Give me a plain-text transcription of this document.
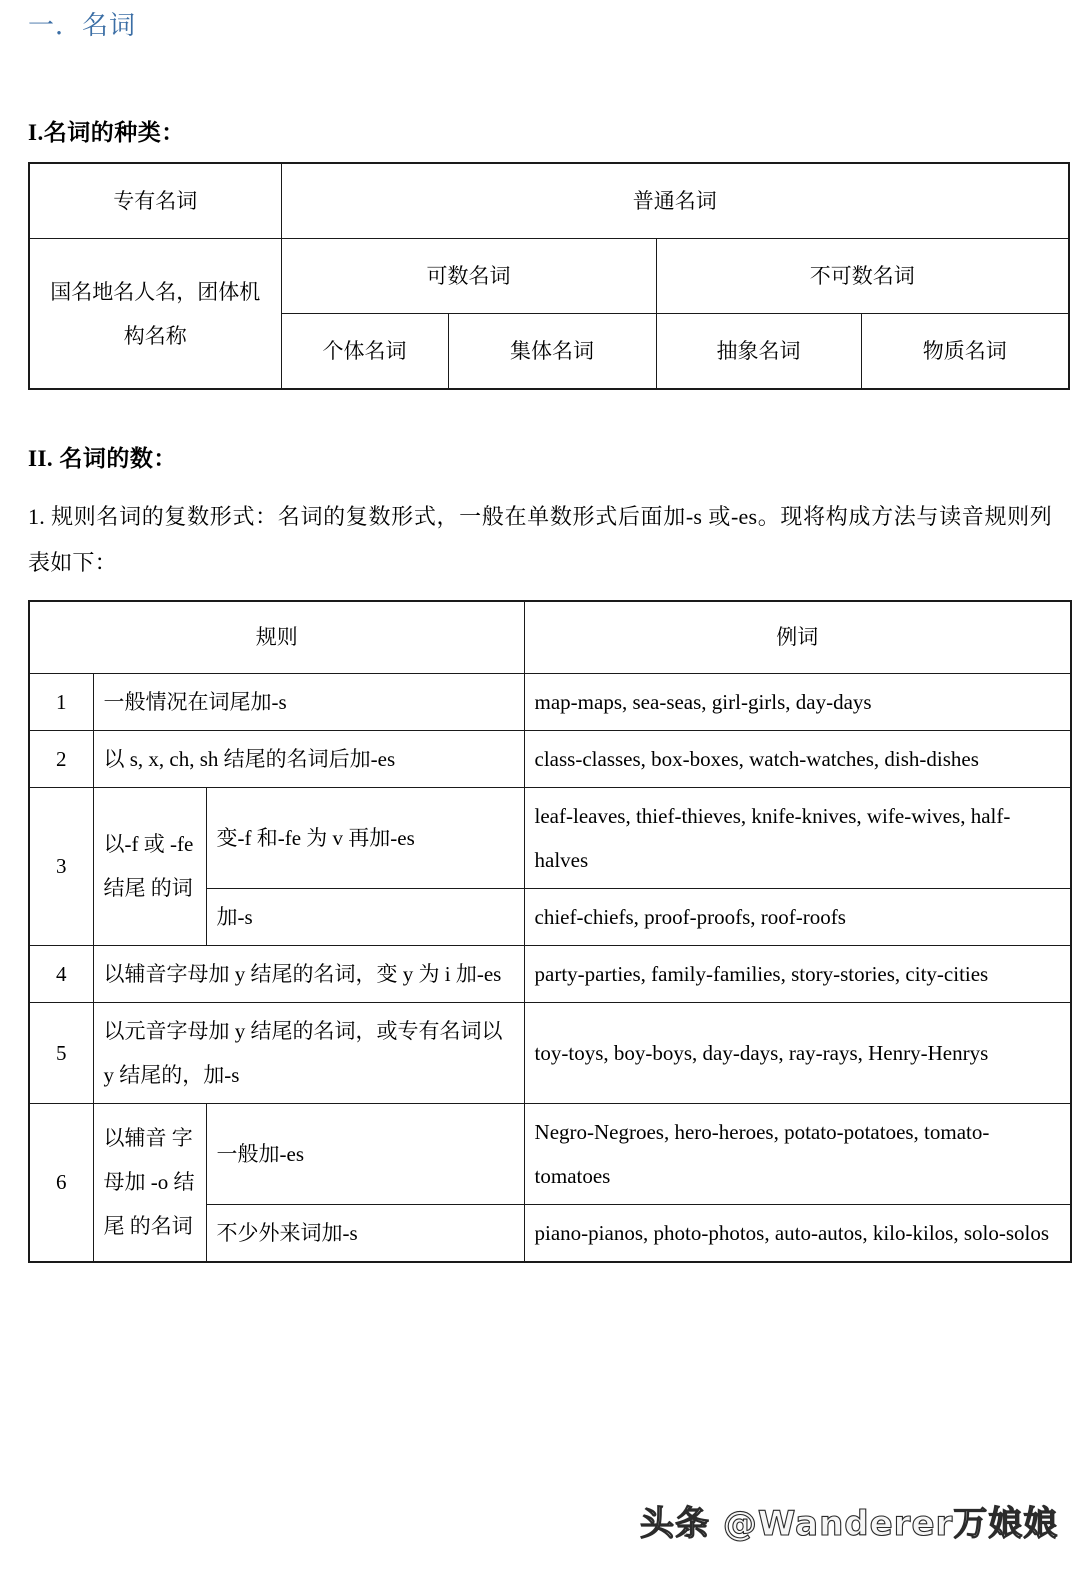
一．名词
I.名词的种类：
专有名词	普通名词			
国名地名人名，团体机构名称	可数名词		不可数名词	
	个体名词	集体名词	抽象名词	物质名词
II. 名词的数：

1. 规则名词的复数形式：名词的复数形式，一般在单数形式后面加-s 或-es。现将构成方法与读音规则列表如下：

规则			例词
1	一般情况在词尾加-s		map-maps, sea-seas, girl-girls, day-days
2	以 s, x, ch, sh 结尾的名词后加-es		class-classes, box-boxes, watch-watches, dish-dishes
3	以-f 或 -fe 结尾 的词	变-f 和-fe 为 v 再加-es	leaf-leaves, thief-thieves, knife-knives, wife-wives, half-halves
		加-s	chief-chiefs, proof-proofs, roof-roofs
4	以辅音字母加 y 结尾的名词，变 y 为 i 加-es		party-parties, family-families, story-stories, city-cities
5	以元音字母加 y 结尾的名词，或专有名词以 y 结尾的，加-s		toy-toys, boy-boys, day-days, ray-rays, Henry-Henrys
6	以辅音 字母加 -o 结尾 的名词	一般加-es	Negro-Negroes, hero-heroes, potato-potatoes, tomato-tomatoes
		不少外来词加-s	piano-pianos, photo-photos, auto-autos, kilo-kilos, solo-solos
头条 @Wanderer万娘娘
